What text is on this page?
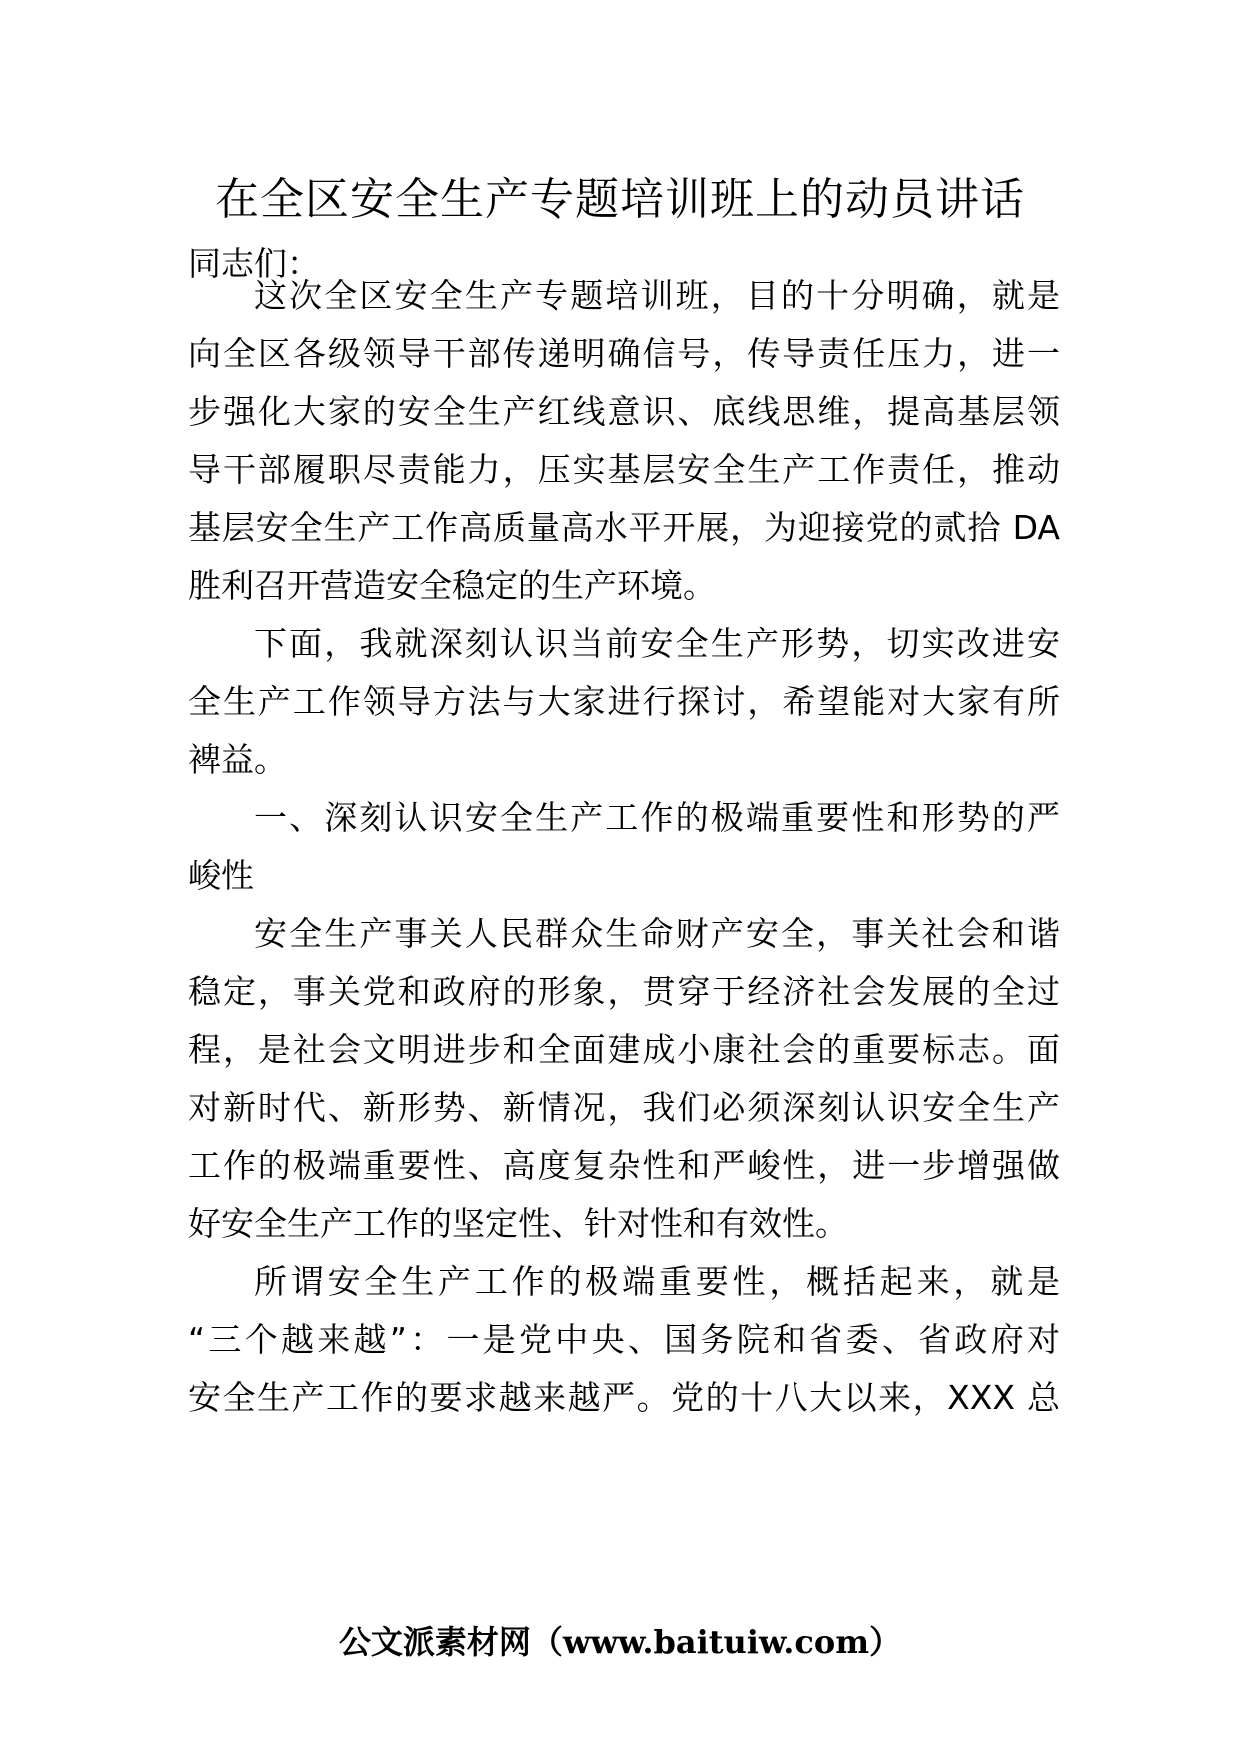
在全区安全生产专题培训班上的动员讲话
同志们：
这次全区安全生产专题培训班，目的十分明确，就是
向全区各级领导干部传递明确信号，传导责任压力，进一
步强化大家的安全生产红线意识、底线思维，提高基层领
导干部履职尽责能力，压实基层安全生产工作责任，推动
基层安全生产工作高质量高水平开展，为迎接党的贰拾 DA
胜利召开营造安全稳定的生产环境。
下面，我就深刻认识当前安全生产形势，切实改进安
全生产工作领导方法与大家进行探讨，希望能对大家有所
裨益。
一、深刻认识安全生产工作的极端重要性和形势的严
峻性
安全生产事关人民群众生命财产安全，事关社会和谐
稳定，事关党和政府的形象，贯穿于经济社会发展的全过
程，是社会文明进步和全面建成小康社会的重要标志。面
对新时代、新形势、新情况，我们必须深刻认识安全生产
工作的极端重要性、高度复杂性和严峻性，进一步增强做
好安全生产工作的坚定性、针对性和有效性。
所谓安全生产工作的极端重要性，概括起来，就是
“三个越来越”：一是党中央、国务院和省委、省政府对
安全生产工作的要求越来越严。党的十八大以来，XXX 总
公文派素材网（www.baituiw.com）
